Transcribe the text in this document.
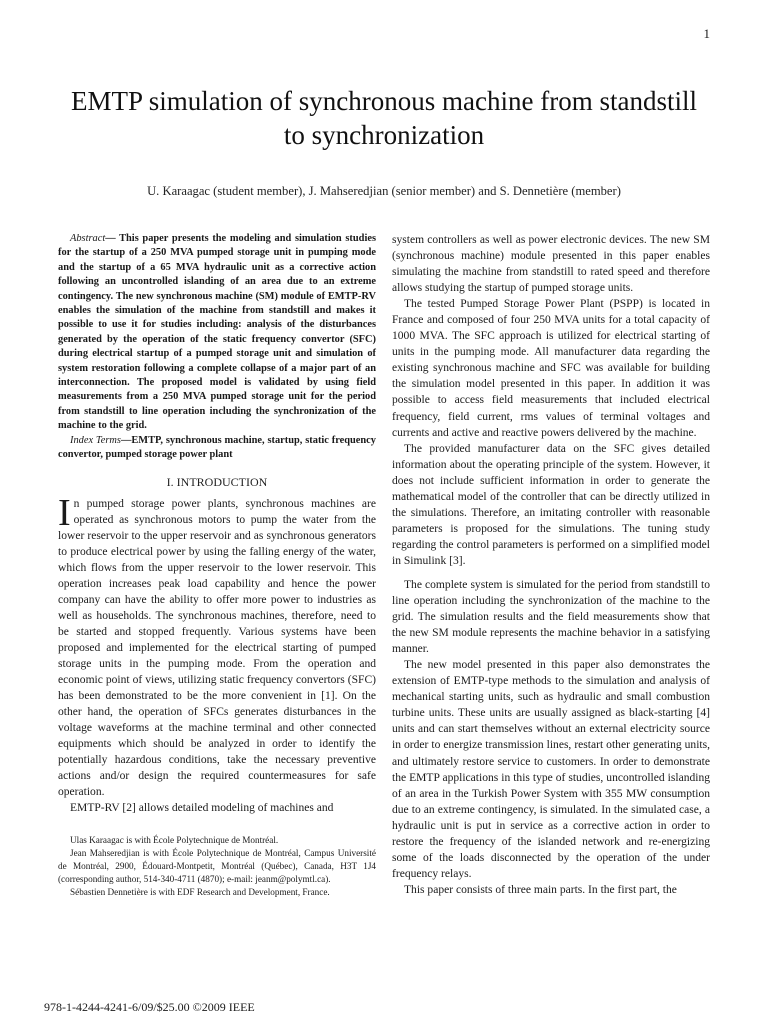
1
EMTP simulation of synchronous machine from standstill to synchronization
U. Karaagac (student member), J. Mahseredjian (senior member) and S. Dennetière (member)

Abstract— This paper presents the modeling and simulation studies for the startup of a 250 MVA pumped storage unit in pumping mode and the startup of a 65 MVA hydraulic unit as a corrective action following an uncontrolled islanding of an area due to an extreme contingency. The new synchronous machine (SM) module of EMTP-RV enables the simulation of the machine from standstill and makes it possible to use it for studies including: analysis of the disturbances generated by the operation of the static frequency convertor (SFC) during electrical startup of a pumped storage unit and simulation of system restoration following a complete collapse of a major part of an interconnection. The proposed model is validated by using field measurements from a 250 MVA pumped storage unit for the period from standstill to line operation including the synchronization of the machine to the grid.

Index Terms—EMTP, synchronous machine, startup, static frequency convertor, pumped storage power plant

I. INTRODUCTION

In pumped storage power plants, synchronous machines are operated as synchronous motors to pump the water from the lower reservoir to the upper reservoir and as synchronous generators to produce electrical power by using the falling energy of the water, which flows from the upper reservoir to the lower reservoir. This operation increases peak load capability and hence the power company can have the ability to offer more power to industries as well as households. The synchronous machines, therefore, need to be started and stopped frequently. Various systems have been proposed and implemented for the electrical starting of pumped storage units in the pumping mode. From the operation and economic point of views, utilizing static frequency convertors (SFC) has been demonstrated to be the more convenient in [1]. On the other hand, the operation of SFCs generates disturbances in the voltage waveforms at the machine terminal and other connected equipments which should be analyzed in order to identify the potentially hazardous conditions, take the necessary preventive actions and/or design the required countermeasures for safe operation.

EMTP-RV [2] allows detailed modeling of machines and

Ulas Karaagac is with École Polytechnique de Montréal.

Jean Mahseredjian is with École Polytechnique de Montréal, Campus Université de Montréal, 2900, Édouard-Montpetit, Montréal (Québec), Canada, H3T 1J4 (corresponding author, 514-340-4711 (4870); e-mail: jeanm@polymtl.ca).

Sébastien Dennetière is with EDF Research and Development, France.

system controllers as well as power electronic devices. The new SM (synchronous machine) module presented in this paper enables simulating the machine from standstill to rated speed and therefore allows studying the startup of pumped storage units.

The tested Pumped Storage Power Plant (PSPP) is located in France and composed of four 250 MVA units for a total capacity of 1000 MVA. The SFC approach is utilized for electrical starting of units in the pumping mode. All manufacturer data regarding the existing synchronous machine and SFC was available for building the simulation model presented in this paper. In addition it was possible to access field measurements that included electrical frequency, field current, rms values of terminal voltages and currents and active and reactive powers delivered by the machine.

The provided manufacturer data on the SFC gives detailed information about the operating principle of the system. However, it does not include sufficient information in order to generate the mathematical model of the controller that can be directly utilized in the simulations. Therefore, an imitating controller with reasonable parameters is proposed for the simulations. The tuning study regarding the control parameters is performed on a simplified model in Simulink [3].

The complete system is simulated for the period from standstill to line operation including the synchronization of the machine to the grid. The simulation results and the field measurements show that the new SM module represents the machine behavior in a satisfying manner.

The new model presented in this paper also demonstrates the extension of EMTP-type methods to the simulation and analysis of mechanical starting units, such as hydraulic and small combustion turbine units. These units are usually assigned as black-starting [4] units and can start themselves without an external electricity source in order to energize transmission lines, restart other generating units, and ultimately restore service to customers. In order to demonstrate the EMTP applications in this type of studies, uncontrolled islanding of an area in the Turkish Power System with 355 MW consumption due to an extreme contingency, is simulated. In the simulated case, a hydraulic unit is put in service as a corrective action in order to restore the frequency of the islanded network and re-energizing some of the loads disconnected by the operation of the under frequency relays.

This paper consists of three main parts. In the first part, the

978-1-4244-4241-6/09/$25.00 ©2009 IEEE
